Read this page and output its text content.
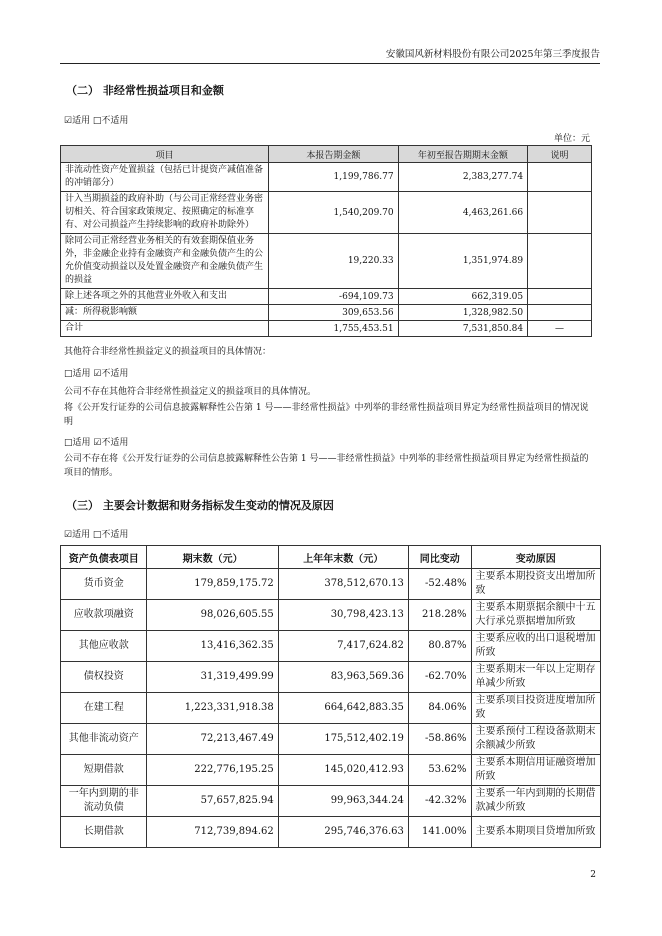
安徽国风新材料股份有限公司2025年第三季度报告
（二） 非经常性损益项目和金额
☑适用 □不适用
单位：元
项目	本报告期金额	年初至报告期期末金额	说明
非流动性资产处置损益（包括已计提资产减值准备的冲销部分）	1,199,786.77	2,383,277.74	
计入当期损益的政府补助（与公司正常经营业务密切相关、符合国家政策规定、按照确定的标准享有、对公司损益产生持续影响的政府补助除外）	1,540,209.70	4,463,261.66	
除同公司正常经营业务相关的有效套期保值业务外，非金融企业持有金融资产和金融负债产生的公允价值变动损益以及处置金融资产和金融负债产生的损益	19,220.33	1,351,974.89	
除上述各项之外的其他营业外收入和支出	-694,109.73	662,319.05	
减：所得税影响额	309,653.56	1,328,982.50	
合计	1,755,453.51	7,531,850.84	—
其他符合非经常性损益定义的损益项目的具体情况：
□适用 ☑不适用
公司不存在其他符合非经常性损益定义的损益项目的具体情况。
将《公开发行证券的公司信息披露解释性公告第 1 号——非经常性损益》中列举的非经常性损益项目界定为经常性损益项目的情况说明
□适用 ☑不适用
公司不存在将《公开发行证券的公司信息披露解释性公告第 1 号——非经常性损益》中列举的非经常性损益项目界定为经常性损益的项目的情形。
（三） 主要会计数据和财务指标发生变动的情况及原因
☑适用 □不适用
资产负债表项目	期末数（元）	上年年末数（元）	同比变动	变动原因
货币资金	179,859,175.72	378,512,670.13	-52.48%	主要系本期投资支出增加所致
应收款项融资	98,026,605.55	30,798,423.13	218.28%	主要系本期票据余额中十五大行承兑票据增加所致
其他应收款	13,416,362.35	7,417,624.82	80.87%	主要系应收的出口退税增加所致
债权投资	31,319,499.99	83,963,569.36	-62.70%	主要系期末一年以上定期存单减少所致
在建工程	1,223,331,918.38	664,642,883.35	84.06%	主要系项目投资进度增加所致
其他非流动资产	72,213,467.49	175,512,402.19	-58.86%	主要系预付工程设备款期末余额减少所致
短期借款	222,776,195.25	145,020,412.93	53.62%	主要系本期信用证融资增加所致
一年内到期的非流动负债	57,657,825.94	99,963,344.24	-42.32%	主要系一年内到期的长期借款减少所致
长期借款	712,739,894.62	295,746,376.63	141.00%	主要系本期项目贷增加所致
2
